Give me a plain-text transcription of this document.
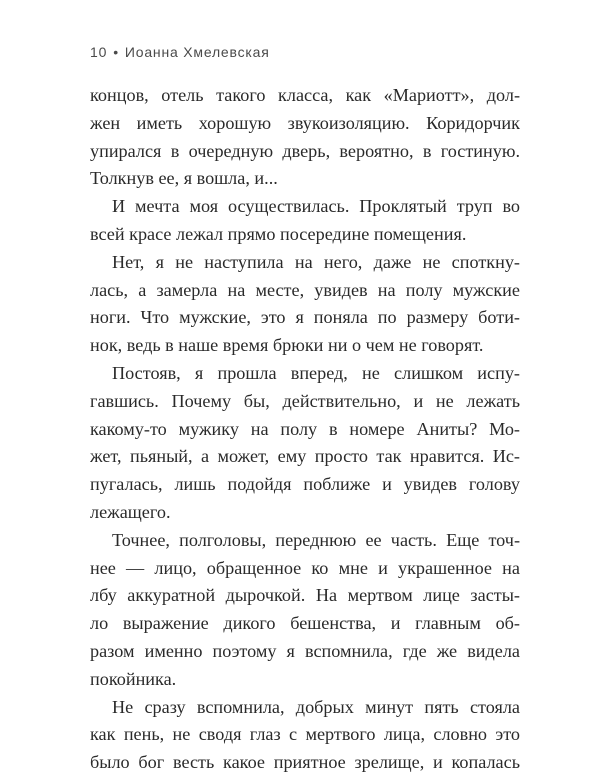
10 • Иоанна Хмелевская
концов, отель такого класса, как «Мариотт», дол-
жен иметь хорошую звукоизоляцию. Коридорчик
упирался в очередную дверь, вероятно, в гостиную.
Толкнув ее, я вошла, и...
И мечта моя осуществилась. Проклятый труп во
всей красе лежал прямо посередине помещения.
Нет, я не наступила на него, даже не споткну-
лась, а замерла на месте, увидев на полу мужские
ноги. Что мужские, это я поняла по размеру боти-
нок, ведь в наше время брюки ни о чем не говорят.
Постояв, я прошла вперед, не слишком испу-
гавшись. Почему бы, действительно, и не лежать
какому-то мужику на полу в номере Аниты? Мо-
жет, пьяный, а может, ему просто так нравится. Ис-
пугалась, лишь подойдя поближе и увидев голову
лежащего.
Точнее, полголовы, переднюю ее часть. Еще точ-
нее — лицо, обращенное ко мне и украшенное на
лбу аккуратной дырочкой. На мертвом лице засты-
ло выражение дикого бешенства, и главным об-
разом именно поэтому я вспомнила, где же видела
покойника.
Не сразу вспомнила, добрых минут пять стояла
как пень, не сводя глаз с мертвого лица, словно это
было бог весть какое приятное зрелище, и копалась
